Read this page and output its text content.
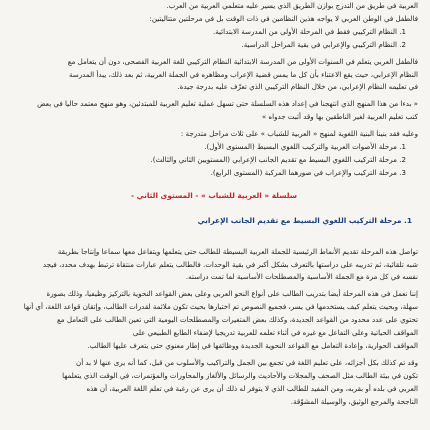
العربية في طريق من التدرج بوازن الطريق الذي يسير عليه متعلمي العربية من العرب.

فالطفل في الوطن العربي لا يواجه هذين النظامين في ذات الوقت بل في مرحلتين متتاليتين:

1. النظام التركيبي فقط في المرحلة الأولى من المدرسة الابتدائية.

2. النظام التركيبي والإعرابي في بقية المراحل الدراسية.

فالطفل العربي يتعلم في السنوات الأولى من المدرسة الابتدائية النظام التركيبي للغة العربية الفصحى، دون أن يتعامل مع

النظام الإعرابي، حيث يقع الاعتناء بأن كل ما يمس قضية الإعراب ومظاهره في الجملة العربية، ثم بعد ذلك، يبدأ المدرسة

في تعليمه النظام الإعرابي، من خلال النظام التركيبي الذي تعرّف عليه بدرجة جيدة.

« بدءا من هذا المنهج الذي انتهجنا في إعداد هذه السلسلة حتى تسهل عملية تعليم العربية للمبتدئين، وهو منهج معتمد حاليا في بعض

كتب تعليم العربية لغير الناطقين بها وقد أثبت جدواه »

وعليه فقد بنينا البنية اللغوية لمنهج « العربية للشباب » على ثلاث مراحل متدرجة :

1. مرحلة الأصوات العربية والتركيب اللغوي البسيط (المستوى الأول).

2. مرحلة التركيب اللغوي البسيط مع تقديم الجانب الإعرابي (المستويين الثاني والثالث).

3. مرحلة التركيب والإعراب في صورهما المركبة (المستوى الرابع).

سلسلة « العربية للشباب » - المستوى الثاني -
1. مرحلة التركيب اللغوي البسيط مع تقديم الجانب الإعرابي

تواصل هذه المرحلة تقديم الأنماط الرئيسية للجملة العربية البسيطة للطالب حتى يتعلمها ويتفاعل معها سماعا وإنتاجا بطريقة

شبه تلقائية، ثم تدريبه على دراستها بالتعرف بشكل أكبر في بقية الوحدات. فالطالب يتعلم عبارات منتقاة ترتبط بهدف محدد، فيجد

نفسه في كل مرة مع الجملة الأساسية والمصطلحات الأساسية لما تمت دراسته.

إننا نعمل في هذه المرحلة أيضا بتدريب الطالب على أنواع النحو العربي وعلى بعض القواعد النحوية بالتركيز وظيفيا، وذلك بصورة

سهلة، وبحيث يتعلم كيف يستخدمها في يسر، فجميع النصوص تم اختيارها بحيث تكون ملائمة لقدرات الطالب، وإتقان قواعد اللغة، أي أنها

تحتوي على عدد محدود من القواعد الجديدة، وكذلك بعض المتغيرات والمصطلحات اليومية التي تعين الطالب على التعامل مع

المواقف الحياتية وعلى التفاعل مع غيره في أثناء تعلمه للعربية تدريجيا لإضفاء الطابع الطبيعي على

المواقف الحوارية، وإعادة التعامل مع القواعد النحوية الجديدة ووظائفها في إطار معنوي حتى يتعرف عليها الطالب.

وقد تم كذلك بكل أجزائه، على تعليم اللغة في تجمع بين الجمل والتراكيب والأسلوب من قبل، كما أنه يرى عنها لا بد أن

تكون في بيئة الطالب مثل الصحف والمجلات والأحاديث والرسائل والألغاز والمحاورات والمؤتمرات، في الوقت الذي يتعلمها

العربي في بلده أو بقربه، ومن المفيد للطالب الذي لا يتوفر له ذلك أن يرى عن رغبة في تعلم اللغة العربية، أن هذه

الناجحة والمرجع الوثيق، والوسيلة المشوّقة.
